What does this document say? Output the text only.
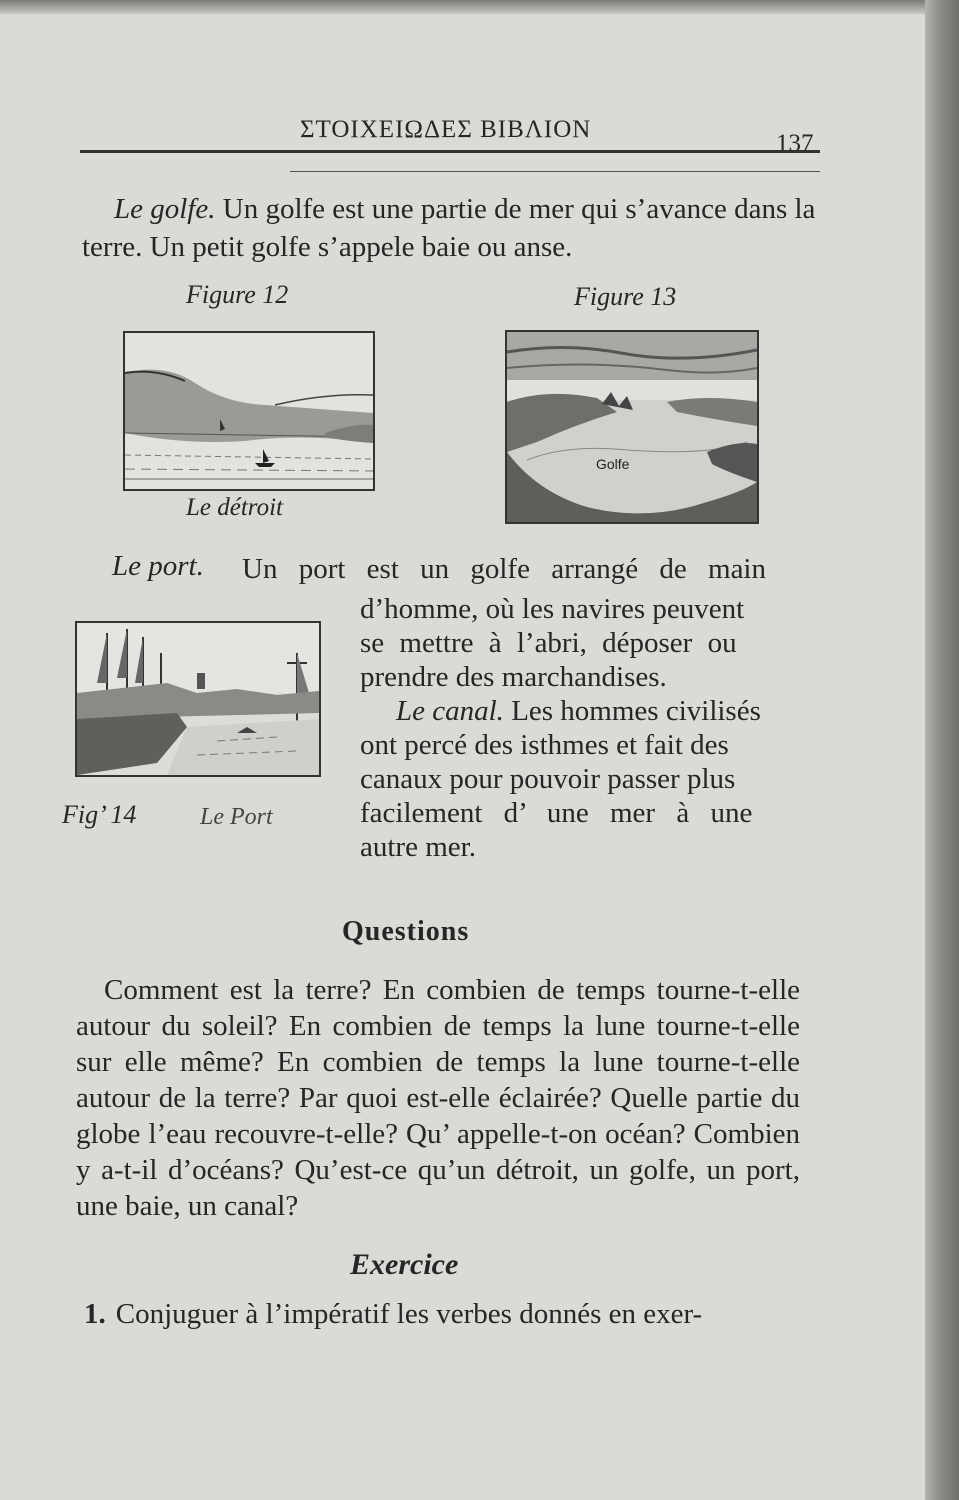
ΣΤΟΙΧΕΙΩΔΕΣ ΒΙΒΛΙΟΝ
137
Le golfe. Un golfe est une partie de mer qui s’avance dans la terre. Un petit golfe s’appele baie ou anse.
Figure 12	Figure 13
Golfe
Le détroit
Le port. Un port est un golfe arrangé de main
d’homme, où les navires peuvent
se mettre à l’abri, déposer ou
prendre des marchandises.
Le canal. Les hommes civilisés
ont percé des isthmes et fait des
canaux pour pouvoir passer plus
facilement d’ une mer à une
autre mer.
Fig’ 14	Le Port
Questions
Comment est la terre? En combien de temps tourne-t-elle autour du soleil? En combien de temps la lune tourne-t-elle sur elle même? En combien de temps la lune tourne-t-elle autour de la terre? Par quoi est-elle éclairée? Quelle partie du globe l’eau recouvre-t-elle? Qu’ appelle-t-on océan? Combien y a-t-il d’océans? Qu’est-ce qu’un détroit, un golfe, un port, une baie, un canal?
Exercice
1. Conjuguer à l’impératif les verbes donnés en exer-
